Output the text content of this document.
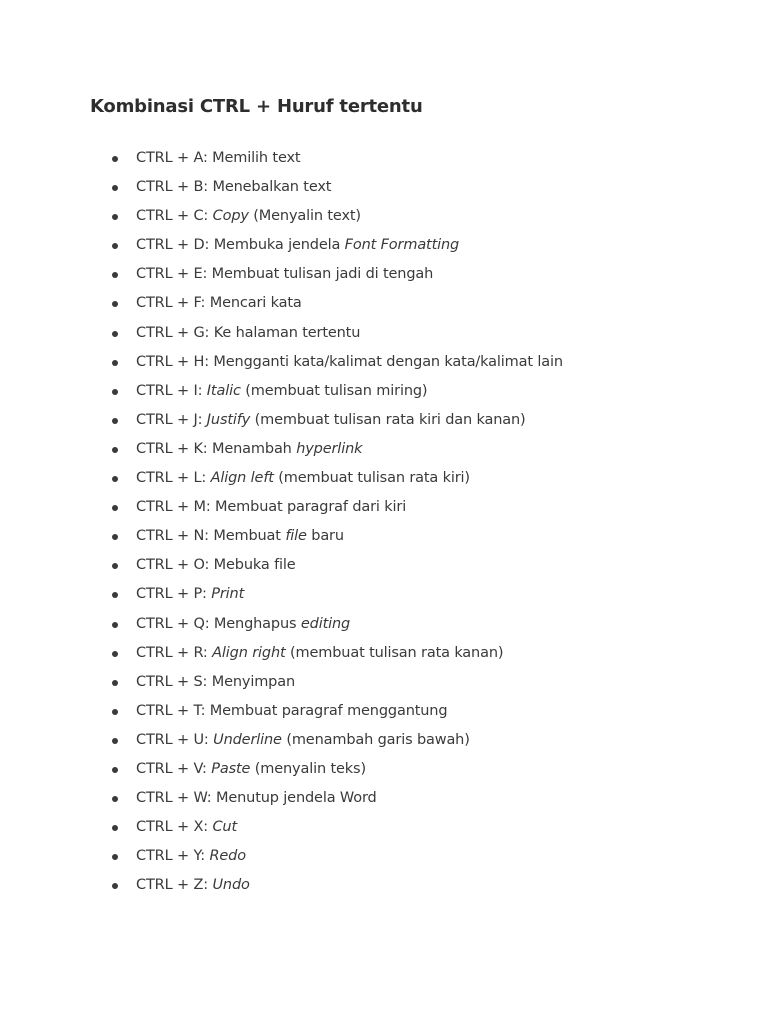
Kombinasi CTRL + Huruf tertentu
CTRL + A: Memilih text
CTRL + B: Menebalkan text
CTRL + C: Copy (Menyalin text)
CTRL + D: Membuka jendela Font Formatting
CTRL + E: Membuat tulisan jadi di tengah
CTRL + F: Mencari kata
CTRL + G: Ke halaman tertentu
CTRL + H: Mengganti kata/kalimat dengan kata/kalimat lain
CTRL + I: Italic (membuat tulisan miring)
CTRL + J: Justify (membuat tulisan rata kiri dan kanan)
CTRL + K: Menambah hyperlink
CTRL + L: Align left (membuat tulisan rata kiri)
CTRL + M: Membuat paragraf dari kiri
CTRL + N: Membuat file baru
CTRL + O: Mebuka file
CTRL + P: Print
CTRL + Q: Menghapus editing
CTRL + R: Align right (membuat tulisan rata kanan)
CTRL + S: Menyimpan
CTRL + T: Membuat paragraf menggantung
CTRL + U: Underline (menambah garis bawah)
CTRL + V: Paste (menyalin teks)
CTRL + W: Menutup jendela Word
CTRL + X: Cut
CTRL + Y: Redo
CTRL + Z: Undo
